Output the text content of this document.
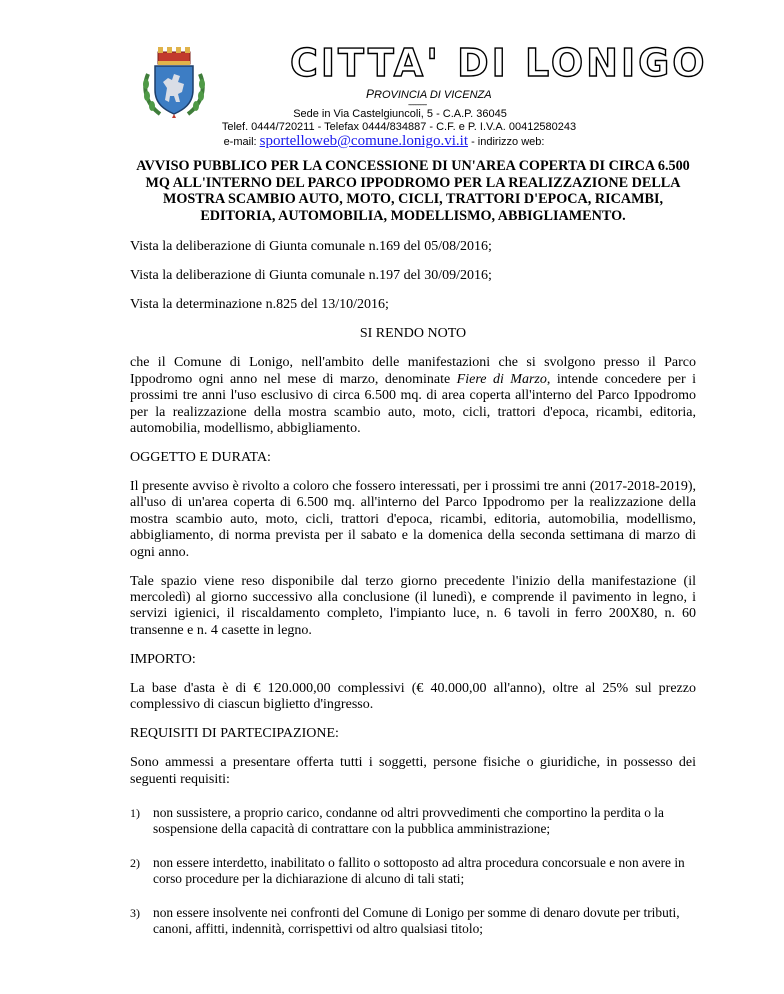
CITTA' DI LONIGO
PROVINCIA DI VICENZA
-----------
Sede in Via Castelgiuncoli, 5 - C.A.P. 36045
Telef. 0444/720211 - Telefax 0444/834887 - C.F. e P. I.V.A. 00412580243
e-mail: sportelloweb@comune.lonigo.vi.it - indirizzo web:

AVVISO PUBBLICO PER LA CONCESSIONE DI UN'AREA COPERTA DI CIRCA 6.500 MQ ALL'INTERNO DEL PARCO IPPODROMO PER LA REALIZZAZIONE DELLA MOSTRA SCAMBIO AUTO, MOTO, CICLI, TRATTORI D'EPOCA, RICAMBI, EDITORIA, AUTOMOBILIA, MODELLISMO, ABBIGLIAMENTO.

Vista la deliberazione di Giunta comunale n.169 del 05/08/2016;

Vista la deliberazione di Giunta comunale n.197 del 30/09/2016;

Vista la determinazione n.825 del 13/10/2016;

SI RENDO NOTO

che il Comune di Lonigo, nell'ambito delle manifestazioni che si svolgono presso il Parco Ippodromo ogni anno nel mese di marzo, denominate Fiere di Marzo, intende concedere per i prossimi tre anni l'uso esclusivo di circa 6.500 mq. di area coperta all'interno del Parco Ippodromo per la realizzazione della mostra scambio auto, moto, cicli, trattori d'epoca, ricambi, editoria, automobilia, modellismo, abbigliamento.

OGGETTO E DURATA:

Il presente avviso è rivolto a coloro che fossero interessati, per i prossimi tre anni (2017-2018-2019), all'uso di un'area coperta di 6.500 mq. all'interno del Parco Ippodromo per la realizzazione della mostra scambio auto, moto, cicli, trattori d'epoca, ricambi, editoria, automobilia, modellismo, abbigliamento, di norma prevista per il sabato e la domenica della seconda settimana di marzo di ogni anno.

Tale spazio viene reso disponibile dal terzo giorno precedente l'inizio della manifestazione (il mercoledì) al giorno successivo alla conclusione (il lunedì), e comprende il pavimento in legno, i servizi igienici, il riscaldamento completo, l'impianto luce, n. 6 tavoli in ferro 200X80, n. 60 transenne e n. 4 casette in legno.

IMPORTO:

La base d'asta è di € 120.000,00 complessivi (€ 40.000,00 all'anno), oltre al 25% sul prezzo complessivo di ciascun biglietto d'ingresso.

REQUISITI DI PARTECIPAZIONE:

Sono ammessi a presentare offerta tutti i soggetti, persone fisiche o giuridiche, in possesso dei seguenti requisiti:

1) non sussistere, a proprio carico, condanne od altri provvedimenti che comportino la perdita o la sospensione della capacità di contrattare con la pubblica amministrazione;
2) non essere interdetto, inabilitato o fallito o sottoposto ad altra procedura concorsuale e non avere in corso procedure per la dichiarazione di alcuno di tali stati;
3) non essere insolvente nei confronti del Comune di Lonigo per somme di denaro dovute per tributi, canoni, affitti, indennità, corrispettivi od altro qualsiasi titolo;
